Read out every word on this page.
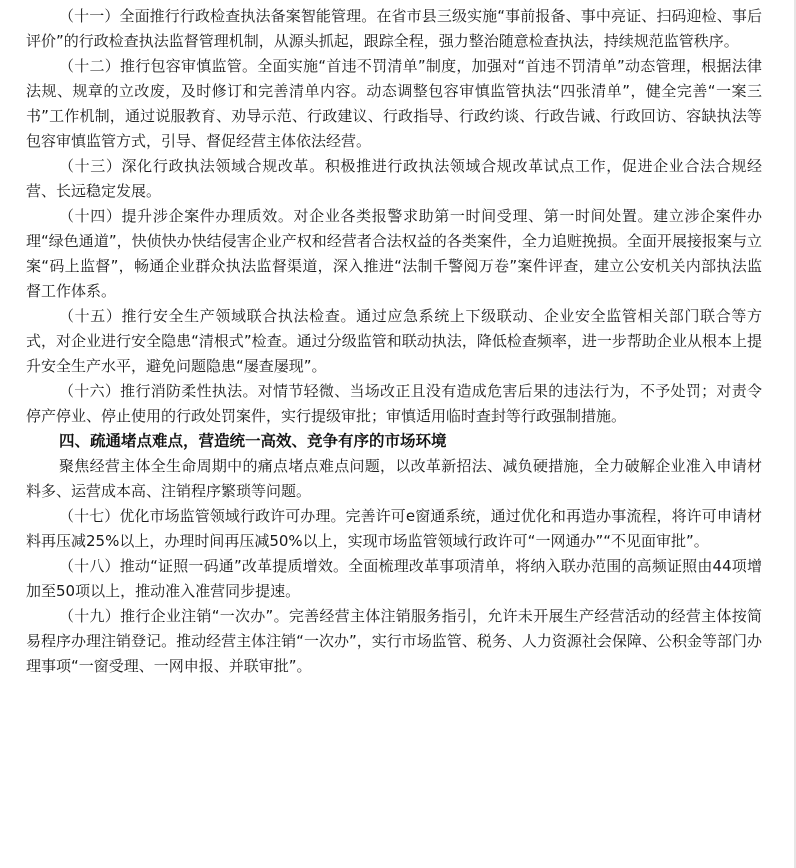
（十一）全面推行行政检查执法备案智能管理。在省市县三级实施“事前报备、事中亮证、扫码迎检、事后评价”的行政检查执法监督管理机制，从源头抓起，跟踪全程，强力整治随意检查执法，持续规范监管秩序。

（十二）推行包容审慎监管。全面实施“首违不罚清单”制度，加强对“首违不罚清单”动态管理，根据法律法规、规章的立改废，及时修订和完善清单内容。动态调整包容审慎监管执法“四张清单”，健全完善“一案三书”工作机制，通过说服教育、劝导示范、行政建议、行政指导、行政约谈、行政告诫、行政回访、容缺执法等包容审慎监管方式，引导、督促经营主体依法经营。

（十三）深化行政执法领域合规改革。积极推进行政执法领域合规改革试点工作，促进企业合法合规经营、长远稳定发展。

（十四）提升涉企案件办理质效。对企业各类报警求助第一时间受理、第一时间处置。建立涉企案件办理“绿色通道”，快侦快办快结侵害企业产权和经营者合法权益的各类案件，全力追赃挽损。全面开展接报案与立案“码上监督”，畅通企业群众执法监督渠道，深入推进“法制千警阅万卷”案件评查，建立公安机关内部执法监督工作体系。

（十五）推行安全生产领域联合执法检查。通过应急系统上下级联动、企业安全监管相关部门联合等方式，对企业进行安全隐患“清根式”检查。通过分级监管和联动执法，降低检查频率，进一步帮助企业从根本上提升安全生产水平，避免问题隐患“屡查屡现”。

（十六）推行消防柔性执法。对情节轻微、当场改正且没有造成危害后果的违法行为，不予处罚；对责令停产停业、停止使用的行政处罚案件，实行提级审批；审慎适用临时查封等行政强制措施。

四、疏通堵点难点，营造统一高效、竞争有序的市场环境

聚焦经营主体全生命周期中的痛点堵点难点问题，以改革新招法、减负硬措施，全力破解企业准入申请材料多、运营成本高、注销程序繁琐等问题。

（十七）优化市场监管领域行政许可办理。完善许可e窗通系统，通过优化和再造办事流程，将许可申请材料再压减25%以上，办理时间再压减50%以上，实现市场监管领域行政许可“一网通办”“不见面审批”。

（十八）推动“证照一码通”改革提质增效。全面梳理改革事项清单，将纳入联办范围的高频证照由44项增加至50项以上，推动准入准营同步提速。

（十九）推行企业注销“一次办”。完善经营主体注销服务指引，允许未开展生产经营活动的经营主体按简易程序办理注销登记。推动经营主体注销“一次办”，实行市场监管、税务、人力资源社会保障、公积金等部门办理事项“一窗受理、一网申报、并联审批”。
